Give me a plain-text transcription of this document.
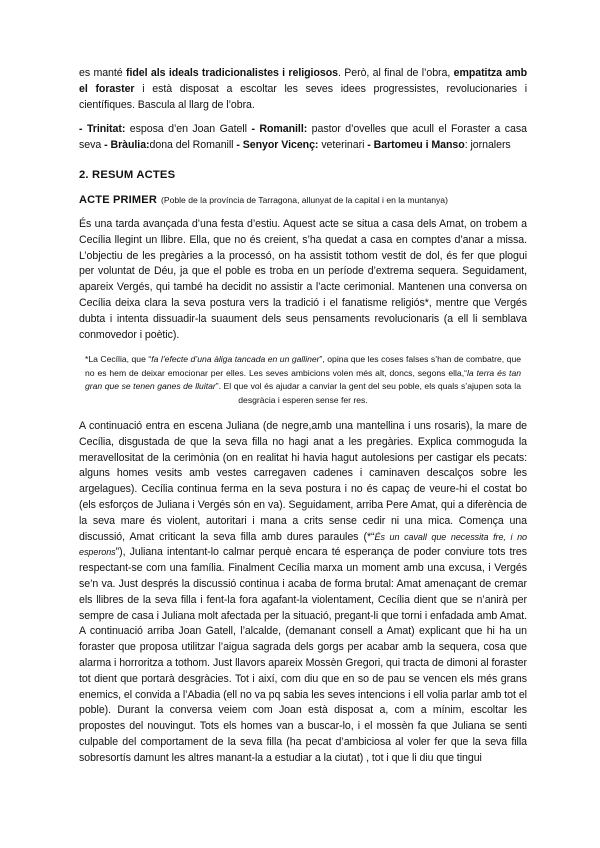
es manté fidel als ideals tradicionalistes i religiosos. Però, al final de l’obra, empatitza amb el foraster i està disposat a escoltar les seves idees progressistes, revolucionaries i científiques. Bascula al llarg de l’obra.

- Trinitat: esposa d’en Joan Gatell - Romanill: pastor d’ovelles que acull el Foraster a casa seva - Bràulia:dona del Romanill - Senyor Vicenç: veterinari - Bartomeu i Manso: jornalers

2. RESUM ACTES
ACTE PRIMER (Poble de la província de Tarragona, allunyat de la capital i en la muntanya)

És una tarda avançada d’una festa d’estiu. Aquest acte se situa a casa dels Amat, on trobem a Cecília llegint un llibre. Ella, que no és creient, s’ha quedat a casa en comptes d’anar a missa. L’objectiu de les pregàries a la processó, on ha assistit tothom vestit de dol, és fer que plogui per voluntat de Déu, ja que el poble es troba en un període d’extrema sequera. Seguidament, apareix Vergés, qui també ha decidit no assistir a l’acte cerimonial. Mantenen una conversa on Cecília deixa clara la seva postura vers la tradició i el fanatisme religiós*, mentre que Vergés dubta i intenta dissuadir-la suaument dels seus pensaments revolucionaris (a ell li semblava conmovedor i poètic).

*La Cecília, que “fa l’efecte d’una àliga tancada en un galliner”, opina que les coses falses s’han de combatre, que no es hem de deixar emocionar per elles. Les seves ambicions volen més alt, doncs, segons ella,“la terra és tan gran que se tenen ganes de lluitar”. El que vol és ajudar a canviar la gent del seu poble, els quals s’ajupen sota la desgràcia i esperen sense fer res.

A continuació entra en escena Juliana (de negre,amb una mantellina i uns rosaris), la mare de Cecília, disgustada de que la seva filla no hagi anat a les pregàries. Explica commoguda la meravellositat de la cerimònia (on en realitat hi havia hagut autolesions per castigar els pecats: alguns homes vesits amb vestes carregaven cadenes i caminaven descalços sobre les argelagues). Cecília continua ferma en la seva postura i no és capaç de veure-hi el costat bo (els esforços de Juliana i Vergés són en va). Seguidament, arriba Pere Amat, qui a diferència de la seva mare és violent, autoritari i mana a crits sense cedir ni una mica. Comença una discussió, Amat criticant la seva filla amb dures paraules (*“És un cavall que necessita fre, i no esperons”), Juliana intentant-lo calmar perquè encara té esperança de poder conviure tots tres respectant-se com una família. Finalment Cecília marxa un moment amb una excusa, i Vergés se’n va. Just després la discussió continua i acaba de forma brutal: Amat amenaçant de cremar els llibres de la seva filla i fent-la fora agafant-la violentament, Cecília dient que se n’anirà per sempre de casa i Juliana molt afectada per la situació, pregant-li que torni i enfadada amb Amat. A continuació arriba Joan Gatell, l’alcalde, (demanant consell a Amat) explicant que hi ha un foraster que proposa utilitzar l’aigua sagrada dels gorgs per acabar amb la sequera, cosa que alarma i horroritza a tothom. Just llavors apareix Mossèn Gregori, qui tracta de dimoni al foraster tot dient que portarà desgràcies. Tot i així, com diu que en so de pau se vencen els més grans enemics, el convida a l’Abadia (ell no va pq sabia les seves intencions i ell volia parlar amb tot el poble). Durant la conversa veiem com Joan està disposat a, com a mínim, escoltar les propostes del nouvingut. Tots els homes van a buscar-lo, i el mossèn fa que Juliana se senti culpable del comportament de la seva filla (ha pecat d’ambiciosa al voler fer que la seva filla sobresortís damunt les altres manant-la a estudiar a la ciutat) , tot i que li diu que tingui
